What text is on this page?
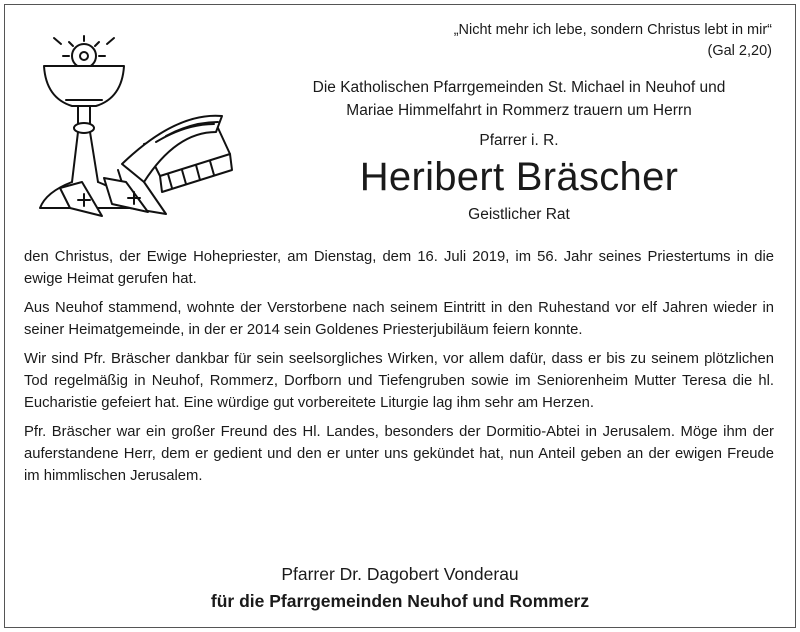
„Nicht mehr ich lebe, sondern Christus lebt in mir“
(Gal 2,20)
Die Katholischen Pfarrgemeinden St. Michael in Neuhof und
Mariae Himmelfahrt in Rommerz trauern um Herrn
Pfarrer i. R.
Heribert Bräscher
Geistlicher Rat

den Christus, der Ewige Hohepriester, am Dienstag, dem 16. Juli 2019, im 56. Jahr seines Priestertums in die ewige Heimat gerufen hat.

Aus Neuhof stammend, wohnte der Verstorbene nach seinem Eintritt in den Ruhestand vor elf Jahren wieder in seiner Heimatgemeinde, in der er 2014 sein Goldenes Priesterjubiläum feiern konnte.

Wir sind Pfr. Bräscher dankbar für sein seelsorgliches Wirken, vor allem dafür, dass er bis zu seinem plötzlichen Tod regelmäßig in Neuhof, Rommerz, Dorfborn und Tiefengruben sowie im Seniorenheim Mutter Teresa die hl. Eucharistie gefeiert hat. Eine würdige gut vorbereitete Liturgie lag ihm sehr am Herzen.

Pfr. Bräscher war ein großer Freund des Hl. Landes, besonders der Dormitio-Abtei in Jerusalem. Möge ihm der auferstandene Herr, dem er gedient und den er unter uns gekündet hat, nun Anteil geben an der ewigen Freude im himmlischen Jerusalem.

Pfarrer Dr. Dagobert Vonderau
für die Pfarrgemeinden Neuhof und Rommerz
